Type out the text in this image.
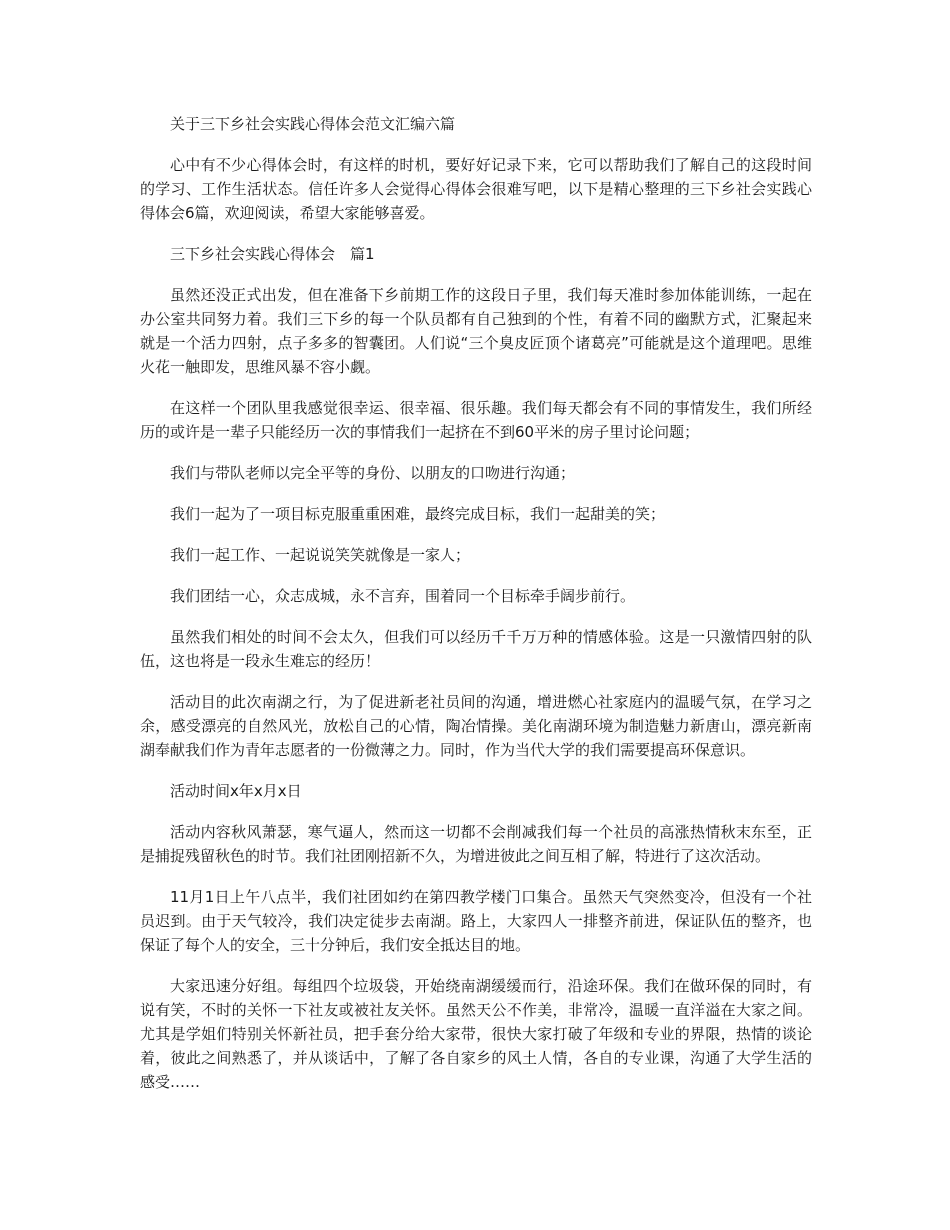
关于三下乡社会实践心得体会范文汇编六篇

心中有不少心得体会时，有这样的时机，要好好记录下来，它可以帮助我们了解自己的这段时间的学习、工作生活状态。信任许多人会觉得心得体会很难写吧，以下是精心整理的三下乡社会实践心得体会6篇，欢迎阅读，希望大家能够喜爱。

三下乡社会实践心得体会　篇1

虽然还没正式出发，但在准备下乡前期工作的这段日子里，我们每天准时参加体能训练，一起在办公室共同努力着。我们三下乡的每一个队员都有自己独到的个性，有着不同的幽默方式，汇聚起来就是一个活力四射，点子多多的智囊团。人们说“三个臭皮匠顶个诸葛亮”可能就是这个道理吧。思维火花一触即发，思维风暴不容小觑。

在这样一个团队里我感觉很幸运、很幸福、很乐趣。我们每天都会有不同的事情发生，我们所经历的或许是一辈子只能经历一次的事情我们一起挤在不到60平米的房子里讨论问题；

我们与带队老师以完全平等的身份、以朋友的口吻进行沟通；

我们一起为了一项目标克服重重困难，最终完成目标，我们一起甜美的笑；

我们一起工作、一起说说笑笑就像是一家人；

我们团结一心，众志成城，永不言弃，围着同一个目标牵手阔步前行。

虽然我们相处的时间不会太久，但我们可以经历千千万万种的情感体验。这是一只激情四射的队伍，这也将是一段永生难忘的经历！

活动目的此次南湖之行，为了促进新老社员间的沟通，增进燃心社家庭内的温暖气氛，在学习之余，感受漂亮的自然风光，放松自己的心情，陶冶情操。美化南湖环境为制造魅力新唐山，漂亮新南湖奉献我们作为青年志愿者的一份微薄之力。同时，作为当代大学的我们需要提高环保意识。

活动时间x年x月x日

活动内容秋风萧瑟，寒气逼人，然而这一切都不会削减我们每一个社员的高涨热情秋末东至，正是捕捉残留秋色的时节。我们社团刚招新不久，为增进彼此之间互相了解，特进行了这次活动。

11月1日上午八点半，我们社团如约在第四教学楼门口集合。虽然天气突然变冷，但没有一个社员迟到。由于天气较冷，我们决定徒步去南湖。路上，大家四人一排整齐前进，保证队伍的整齐，也保证了每个人的安全，三十分钟后，我们安全抵达目的地。

大家迅速分好组。每组四个垃圾袋，开始绕南湖缓缓而行，沿途环保。我们在做环保的同时，有说有笑，不时的关怀一下社友或被社友关怀。虽然天公不作美，非常冷，温暖一直洋溢在大家之间。尤其是学姐们特别关怀新社员，把手套分给大家带，很快大家打破了年级和专业的界限，热情的谈论着，彼此之间熟悉了，并从谈话中，了解了各自家乡的风土人情，各自的专业课，沟通了大学生活的感受……
